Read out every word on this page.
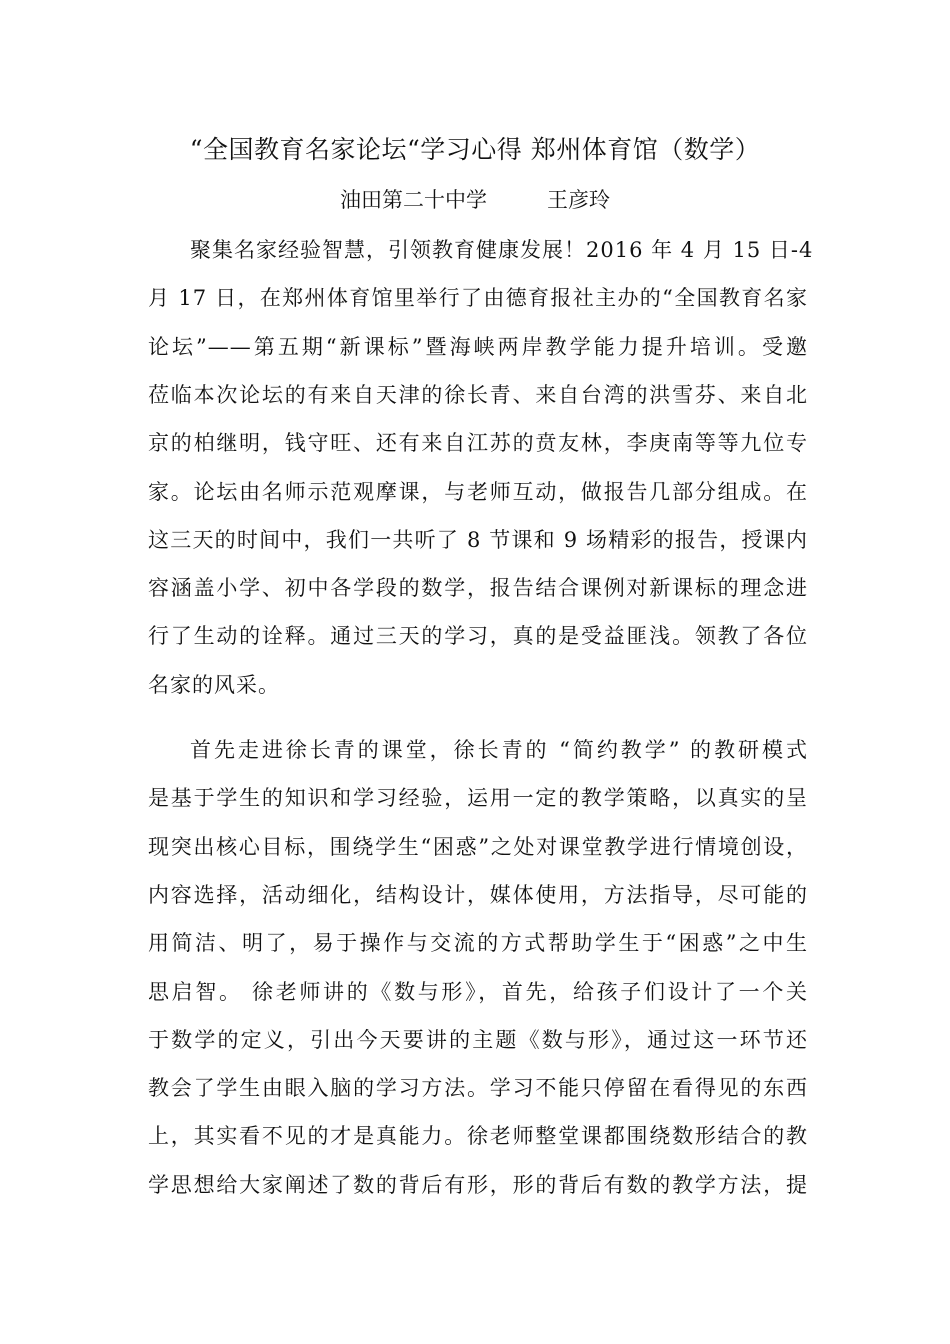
“全国教育名家论坛“学习心得 郑州体育馆（数学）
油田第二十中学         王彦玲
聚集名家经验智慧，引领教育健康发展！2016 年 4 月 15 日-4
月 17 日，在郑州体育馆里举行了由德育报社主办的“全国教育名家
论坛”——第五期“新课标”暨海峡两岸教学能力提升培训。受邀
莅临本次论坛的有来自天津的徐长青、来自台湾的洪雪芬、来自北
京的柏继明，钱守旺、还有来自江苏的贲友林，李庚南等等九位专
家。论坛由名师示范观摩课，与老师互动，做报告几部分组成。在
这三天的时间中，我们一共听了 8 节课和 9 场精彩的报告，授课内
容涵盖小学、初中各学段的数学，报告结合课例对新课标的理念进
行了生动的诠释。通过三天的学习，真的是受益匪浅。领教了各位
名家的风采。
首先走进徐长青的课堂，徐长青的 “简约教学” 的教研模式
是基于学生的知识和学习经验，运用一定的教学策略，以真实的呈
现突出核心目标，围绕学生“困惑”之处对课堂教学进行情境创设，
内容选择，活动细化，结构设计，媒体使用，方法指导，尽可能的
用简洁、明了，易于操作与交流的方式帮助学生于“困惑”之中生
思启智。 徐老师讲的《数与形》，首先，给孩子们设计了一个关
于数学的定义，引出今天要讲的主题《数与形》，通过这一环节还
教会了学生由眼入脑的学习方法。学习不能只停留在看得见的东西
上，其实看不见的才是真能力。徐老师整堂课都围绕数形结合的教
学思想给大家阐述了数的背后有形，形的背后有数的教学方法，提
